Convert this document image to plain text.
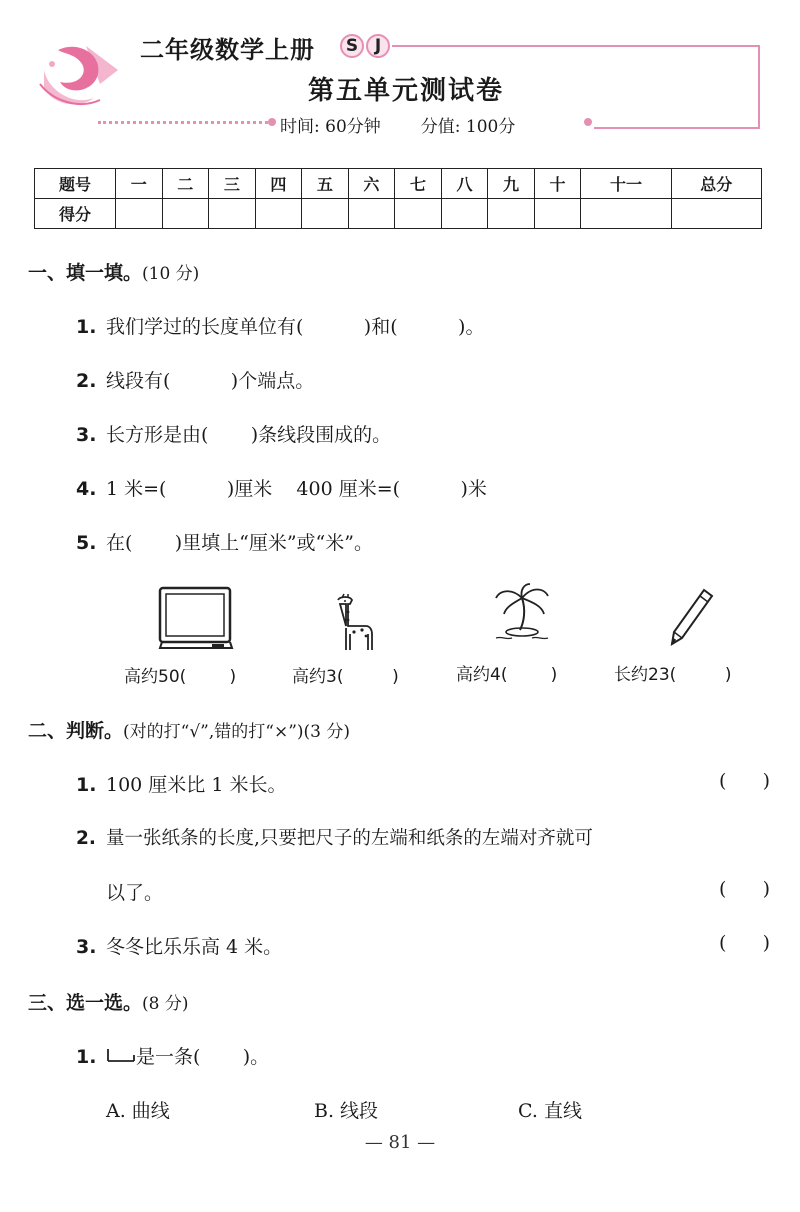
二年级数学上册	S J
第五单元测试卷
时间: 60分钟 分值: 100分
题号	一	二	三	四	五	六	七	八	九	十	十一	总分
得分												
一、填一填。(10 分)
1. 我们学过的长度单位有(          )和(          )。
2. 线段有(          )个端点。
3. 长方形是由(       )条线段围成的。
4. 1 米=(          )厘米    400 厘米=(          )米
5. 在(       )里填上“厘米”或“米”。
高约50(        )	高约3(         )	高约4(        )	长约23(         )
二、判断。(对的打“√”,错的打“×”)(3 分)
1. 100 厘米比 1 米长。	(      )
2. 量一张纸条的长度,只要把尺子的左端和纸条的左端对齐就可
以了。	(      )
3. 冬冬比乐乐高 4 米。	(      )
三、选一选。(8 分)
1. 是一条(       )。
A. 曲线	B. 线段	C. 直线
— 81 —
